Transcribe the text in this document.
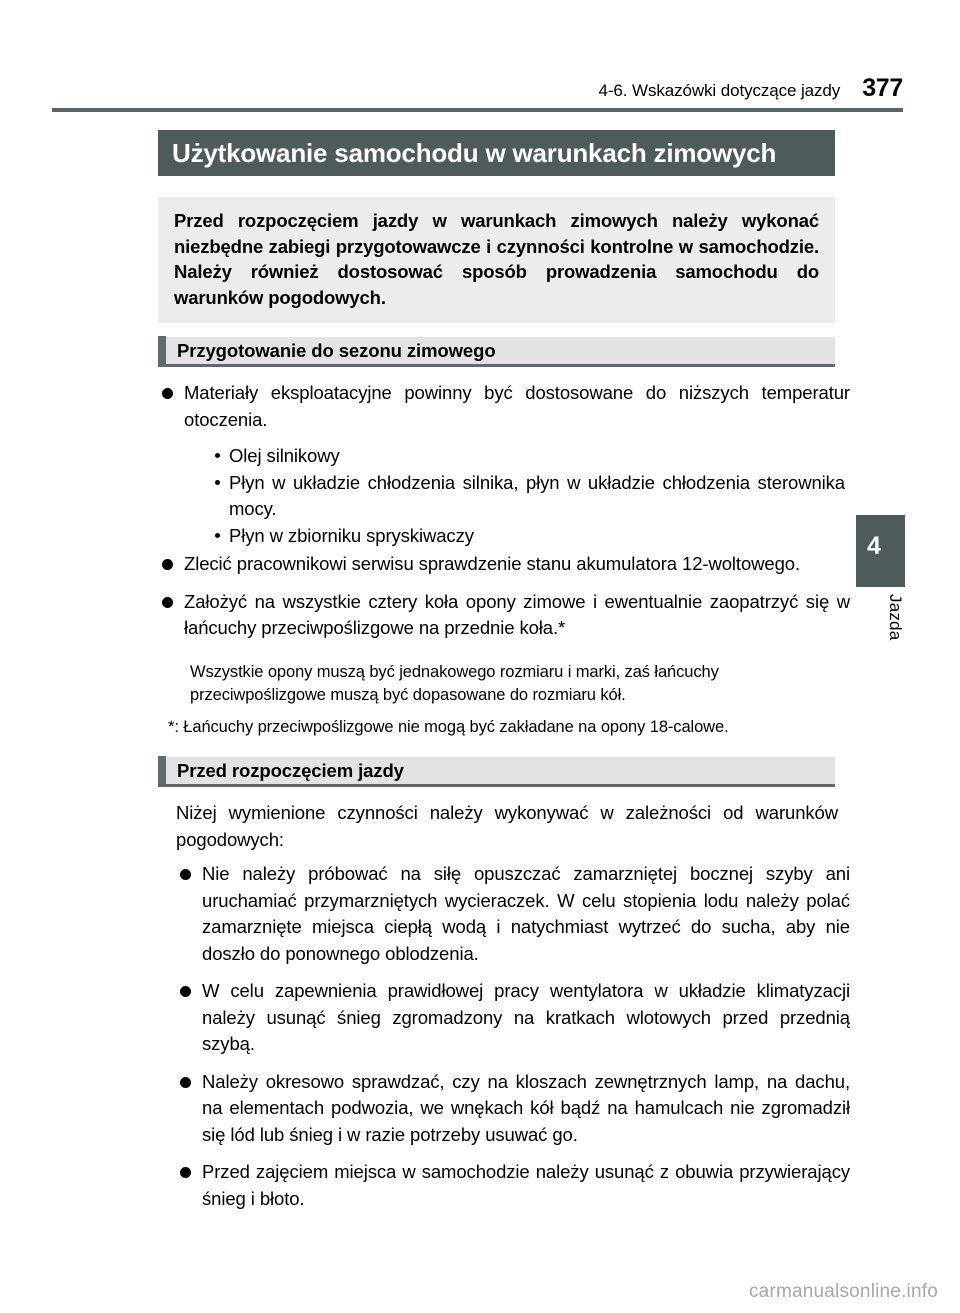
4-6. Wskazówki dotyczące jazdy 377
Użytkowanie samochodu w warunkach zimowych

Przed rozpoczęciem jazdy w warunkach zimowych należy wykonać niezbędne zabiegi przygotowawcze i czynności kontrolne w samochodzie. Należy również dostosować sposób prowadzenia samochodu do warunków pogodowych.

Przygotowanie do sezonu zimowego
Materiały eksploatacyjne powinny być dostosowane do niższych temperatur otoczenia.
Olej silnikowy
Płyn w układzie chłodzenia silnika, płyn w układzie chłodzenia sterownika mocy.
Płyn w zbiorniku spryskiwaczy
Zlecić pracownikowi serwisu sprawdzenie stanu akumulatora 12-woltowego.
Założyć na wszystkie cztery koła opony zimowe i ewentualnie zaopatrzyć się w łańcuchy przeciwpoślizgowe na przednie koła.*

Wszystkie opony muszą być jednakowego rozmiaru i marki, zaś łańcuchy przeciwpoślizgowe muszą być dopasowane do rozmiaru kół.

*: Łańcuchy przeciwpoślizgowe nie mogą być zakładane na opony 18-calowe.

Przed rozpoczęciem jazdy

Niżej wymienione czynności należy wykonywać w zależności od warunków pogodowych:

Nie należy próbować na siłę opuszczać zamarzniętej bocznej szyby ani uruchamiać przymarzniętych wycieraczek. W celu stopienia lodu należy polać zamarznięte miejsca ciepłą wodą i natychmiast wytrzeć do sucha, aby nie doszło do ponownego oblodzenia.
W celu zapewnienia prawidłowej pracy wentylatora w układzie klimatyzacji należy usunąć śnieg zgromadzony na kratkach wlotowych przed przednią szybą.
Należy okresowo sprawdzać, czy na kloszach zewnętrznych lamp, na dachu, na elementach podwozia, we wnękach kół bądź na hamulcach nie zgromadził się lód lub śnieg i w razie potrzeby usuwać go.
Przed zajęciem miejsca w samochodzie należy usunąć z obuwia przywierający śnieg i błoto.
4
Jazda
carmanualsonline.info
